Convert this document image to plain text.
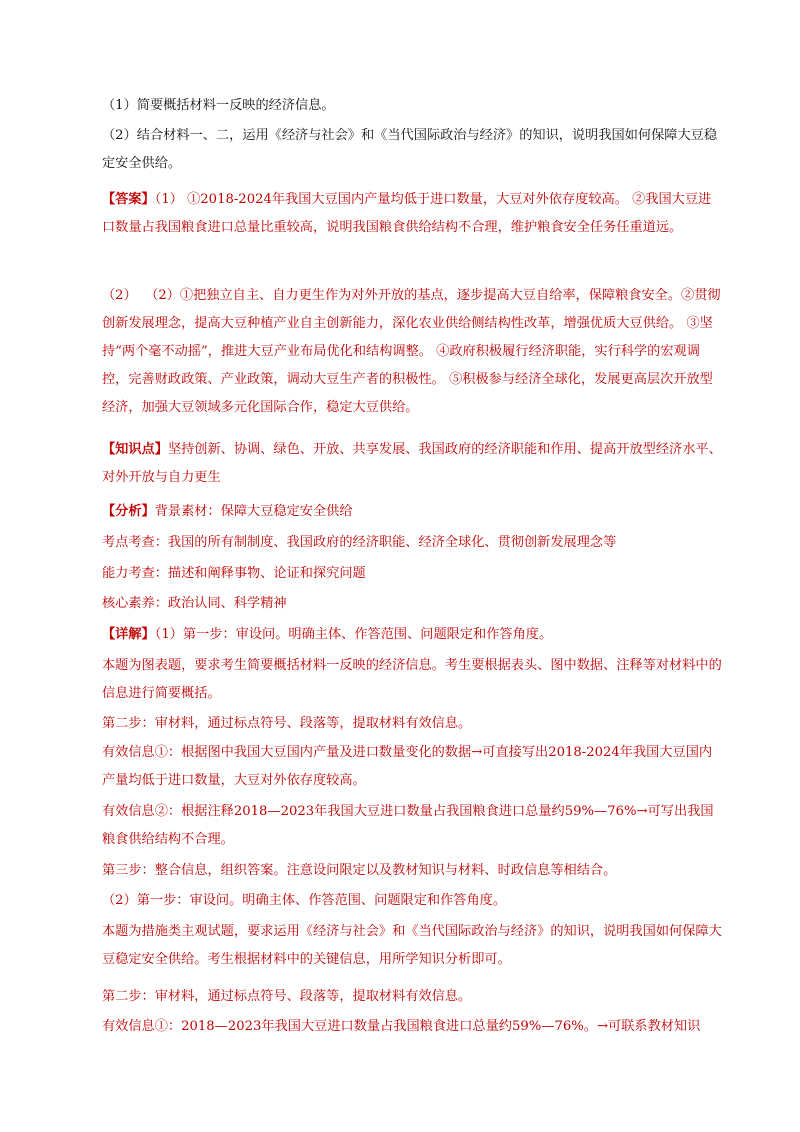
（1）简要概括材料一反映的经济信息。
（2）结合材料一、二，运用《经济与社会》和《当代国际政治与经济》的知识，说明我国如何保障大豆稳定安全供给。
【答案】（1） ①2018-2024年我国大豆国内产量均低于进口数量，大豆对外依存度较高。 ②我国大豆进口数量占我国粮食进口总量比重较高，说明我国粮食供给结构不合理，维护粮食安全任务任重道远。
（2）  （2）①把独立自主、自力更生作为对外开放的基点，逐步提高大豆自给率，保障粮食安全。②贯彻创新发展理念，提高大豆种植产业自主创新能力，深化农业供给侧结构性改革，增强优质大豆供给。 ③坚持“两个毫不动摇”，推进大豆产业布局优化和结构调整。 ④政府积极履行经济职能，实行科学的宏观调控，完善财政政策、产业政策，调动大豆生产者的积极性。 ⑤积极参与经济全球化，发展更高层次开放型经济，加强大豆领域多元化国际合作，稳定大豆供给。
【知识点】坚持创新、协调、绿色、开放、共享发展、我国政府的经济职能和作用、提高开放型经济水平、对外开放与自力更生
【分析】背景素材：保障大豆稳定安全供给
考点考查：我国的所有制制度、我国政府的经济职能、经济全球化、贯彻创新发展理念等
能力考查：描述和阐释事物、论证和探究问题
核心素养：政治认同、科学精神
【详解】（1）第一步：审设问。明确主体、作答范围、问题限定和作答角度。
本题为图表题，要求考生简要概括材料一反映的经济信息。考生要根据表头、图中数据、注释等对材料中的信息进行简要概括。
第二步：审材料，通过标点符号、段落等，提取材料有效信息。
有效信息①：根据图中我国大豆国内产量及进口数量变化的数据→可直接写出2018-2024年我国大豆国内产量均低于进口数量，大豆对外依存度较高。
有效信息②：根据注释2018—2023年我国大豆进口数量占我国粮食进口总量约59%—76%→可写出我国粮食供给结构不合理。
第三步：整合信息，组织答案。注意设问限定以及教材知识与材料、时政信息等相结合。
（2）第一步：审设问。明确主体、作答范围、问题限定和作答角度。
本题为措施类主观试题，要求运用《经济与社会》和《当代国际政治与经济》的知识，说明我国如何保障大豆稳定安全供给。考生根据材料中的关键信息，用所学知识分析即可。
第二步：审材料，通过标点符号、段落等，提取材料有效信息。
有效信息①：2018—2023年我国大豆进口数量占我国粮食进口总量约59%—76%。→可联系教材知识
